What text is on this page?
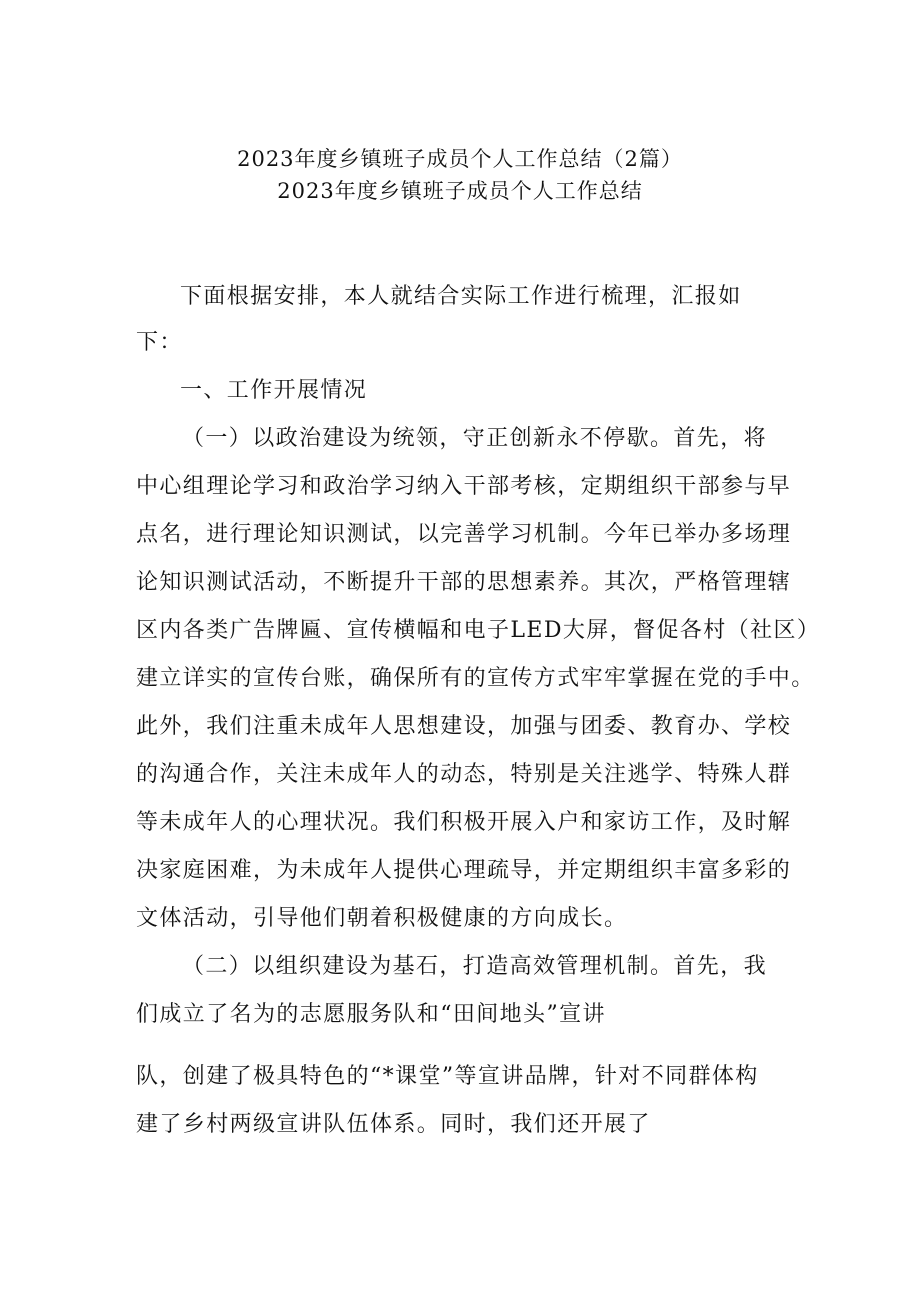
2023年度乡镇班子成员个人工作总结（2篇）
2023年度乡镇班子成员个人工作总结
下面根据安排，本人就结合实际工作进行梳理，汇报如
下：
一、工作开展情况
（一）以政治建设为统领，守正创新永不停歇。首先，将
中心组理论学习和政治学习纳入干部考核，定期组织干部参与早
点名，进行理论知识测试，以完善学习机制。今年已举办多场理
论知识测试活动，不断提升干部的思想素养。其次，严格管理辖
区内各类广告牌匾、宣传横幅和电子LED大屏，督促各村（社区）
建立详实的宣传台账，确保所有的宣传方式牢牢掌握在党的手中。
此外，我们注重未成年人思想建设，加强与团委、教育办、学校
的沟通合作，关注未成年人的动态，特别是关注逃学、特殊人群
等未成年人的心理状况。我们积极开展入户和家访工作，及时解
决家庭困难，为未成年人提供心理疏导，并定期组织丰富多彩的
文体活动，引导他们朝着积极健康的方向成长。
（二）以组织建设为基石，打造高效管理机制。首先，我
们成立了名为的志愿服务队和“田间地头”宣讲
队，创建了极具特色的“*课堂”等宣讲品牌，针对不同群体构
建了乡村两级宣讲队伍体系。同时，我们还开展了
